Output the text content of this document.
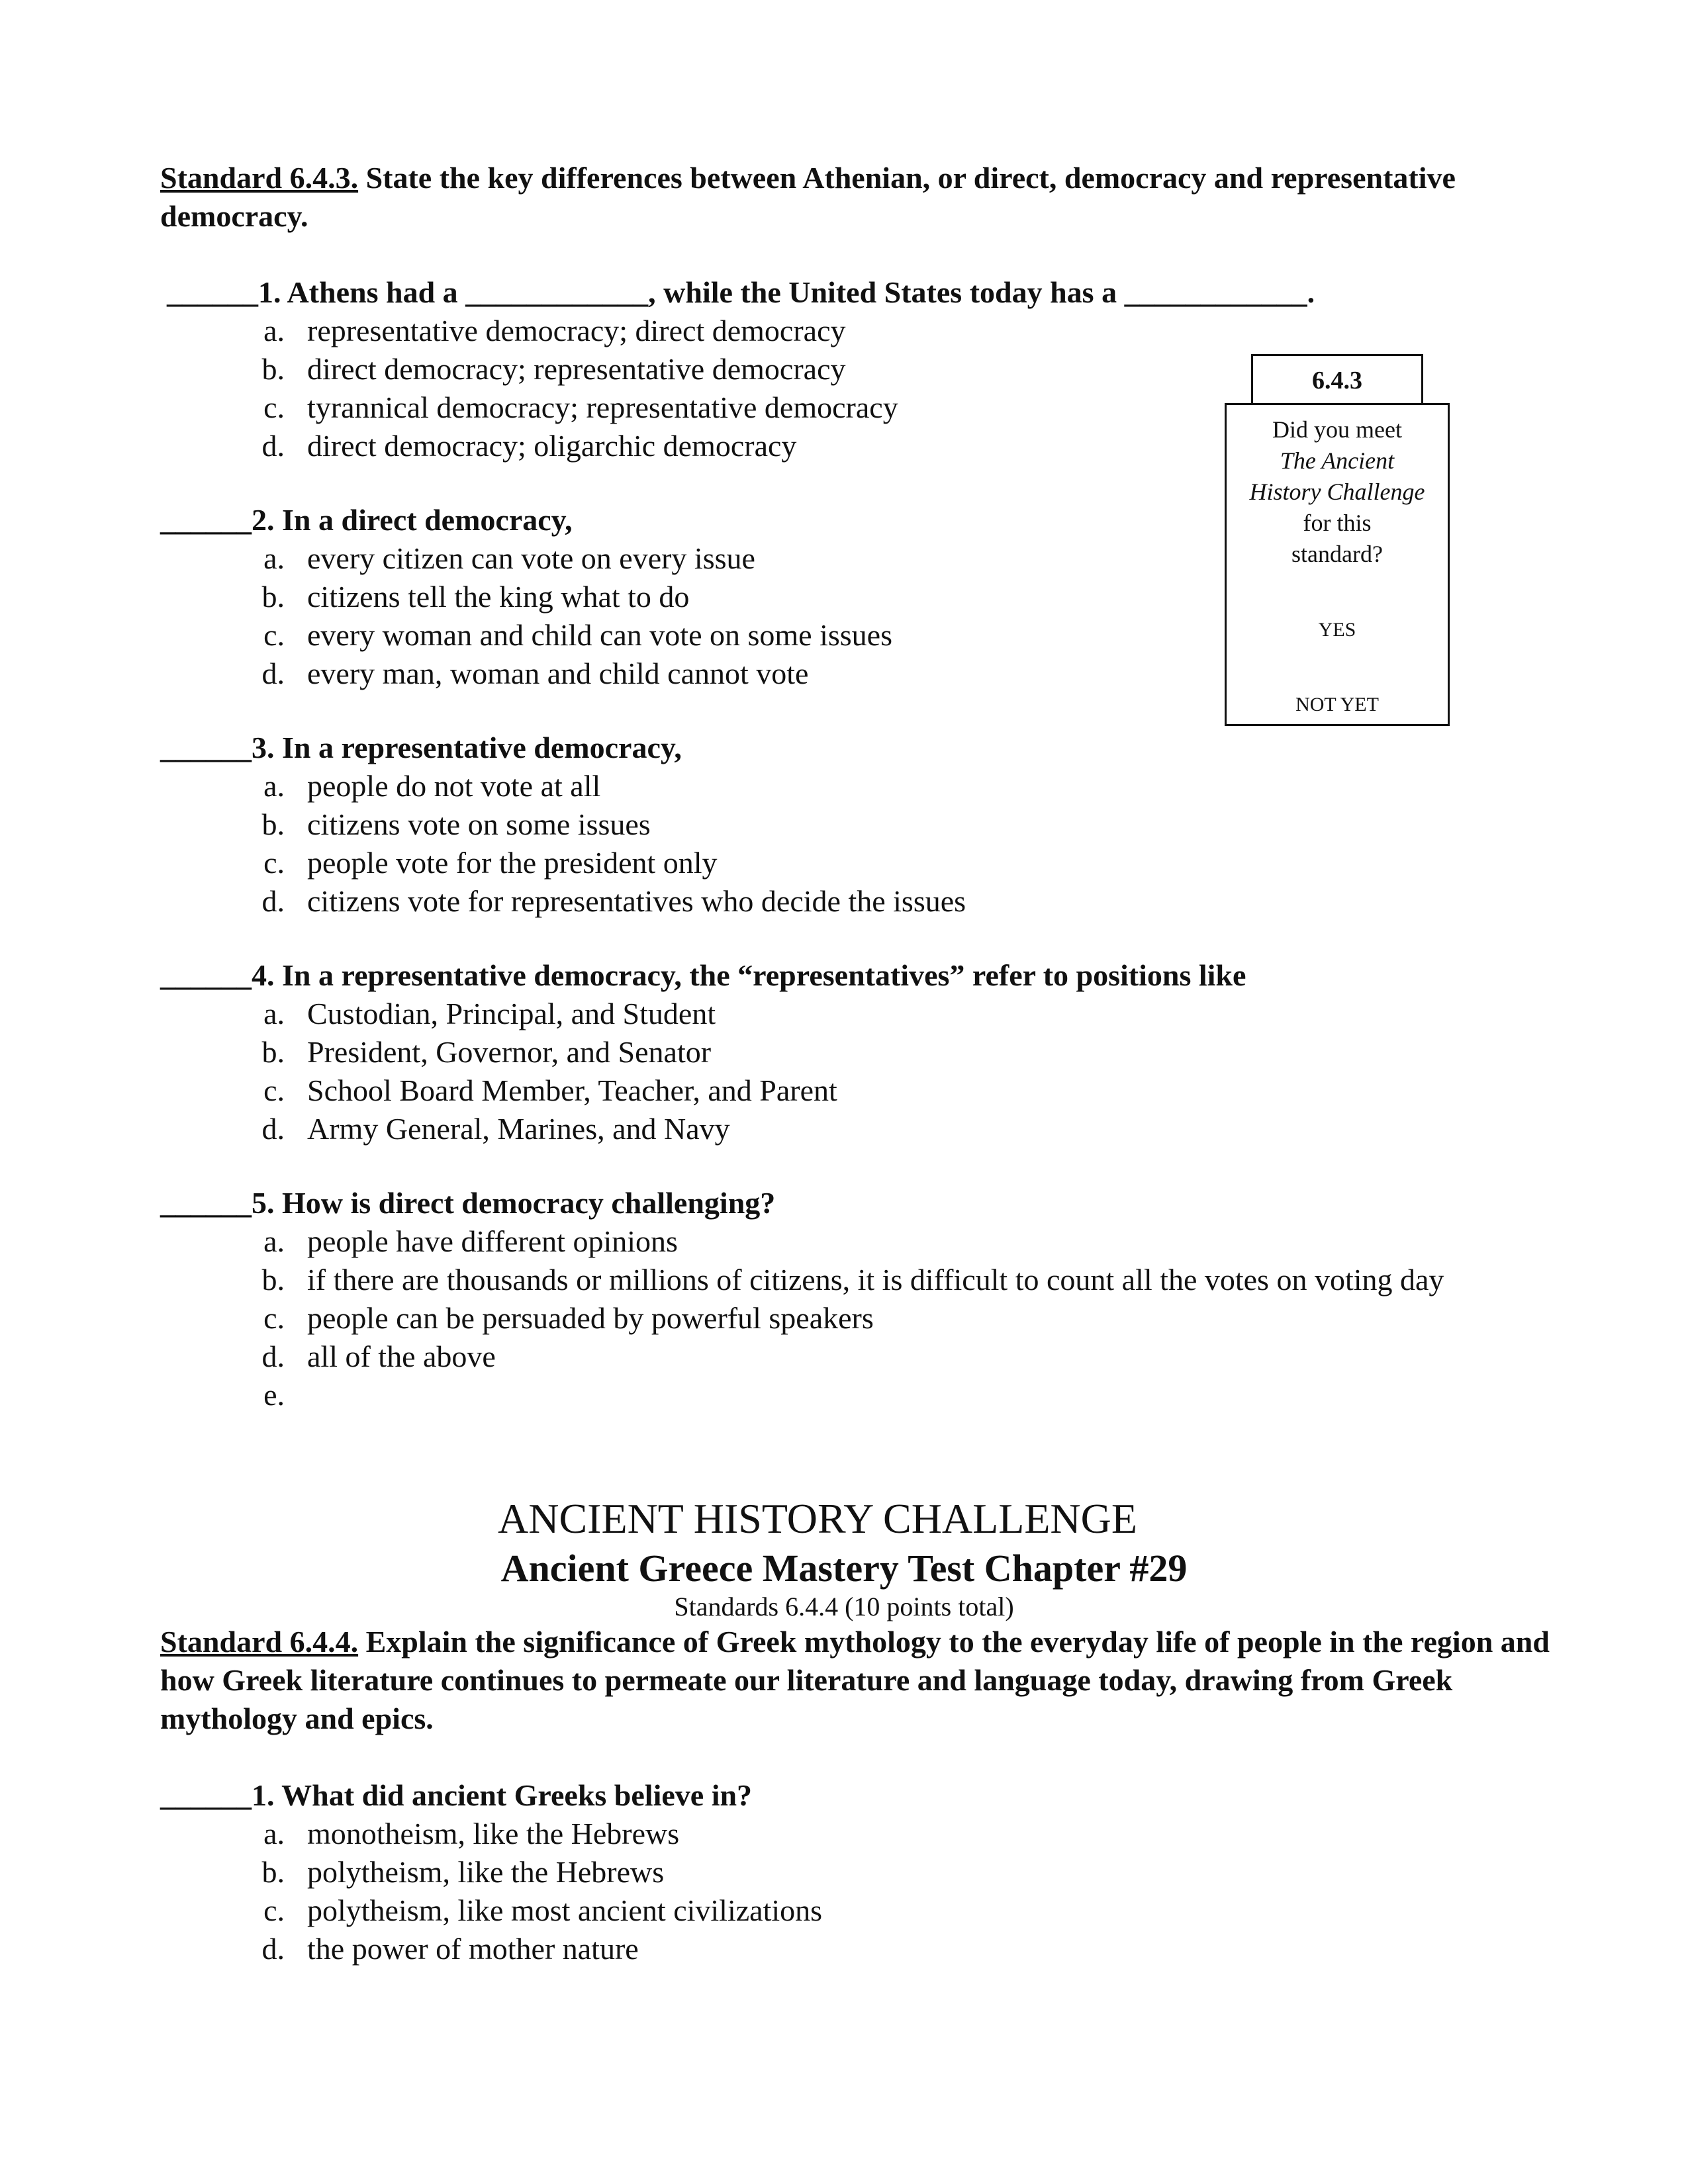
Standard 6.4.3. State the key differences between Athenian, or direct, democracy and representative democracy.
______1. Athens had a ____________, while the United States today has a ____________.
a. representative democracy; direct democracy
b. direct democracy; representative democracy
c. tyrannical democracy; representative democracy
d. direct democracy; oligarchic democracy
______2. In a direct democracy,
a. every citizen can vote on every issue
b. citizens tell the king what to do
c. every woman and child can vote on some issues
d. every man, woman and child cannot vote
______3. In a representative democracy,
a. people do not vote at all
b. citizens vote on some issues
c. people vote for the president only
d. citizens vote for representatives who decide the issues
______4. In a representative democracy, the “representatives” refer to positions like
a. Custodian, Principal, and Student
b. President, Governor, and Senator
c. School Board Member, Teacher, and Parent
d. Army General, Marines, and Navy
______5. How is direct democracy challenging?
a. people have different opinions
b. if there are thousands or millions of citizens, it is difficult to count all the votes on voting day
c. people can be persuaded by powerful speakers
d. all of the above
e.
6.4.3
Did you meet
The Ancient
History Challenge
for this
standard?
YES
NOT YET
ANCIENT HISTORY CHALLENGE
Ancient Greece Mastery Test Chapter #29
Standards 6.4.4 (10 points total)
Standard 6.4.4. Explain the significance of Greek mythology to the everyday life of people in the region and how Greek literature continues to permeate our literature and language today, drawing from Greek mythology and epics.
______1. What did ancient Greeks believe in?
a. monotheism, like the Hebrews
b. polytheism, like the Hebrews
c. polytheism, like most ancient civilizations
d. the power of mother nature
